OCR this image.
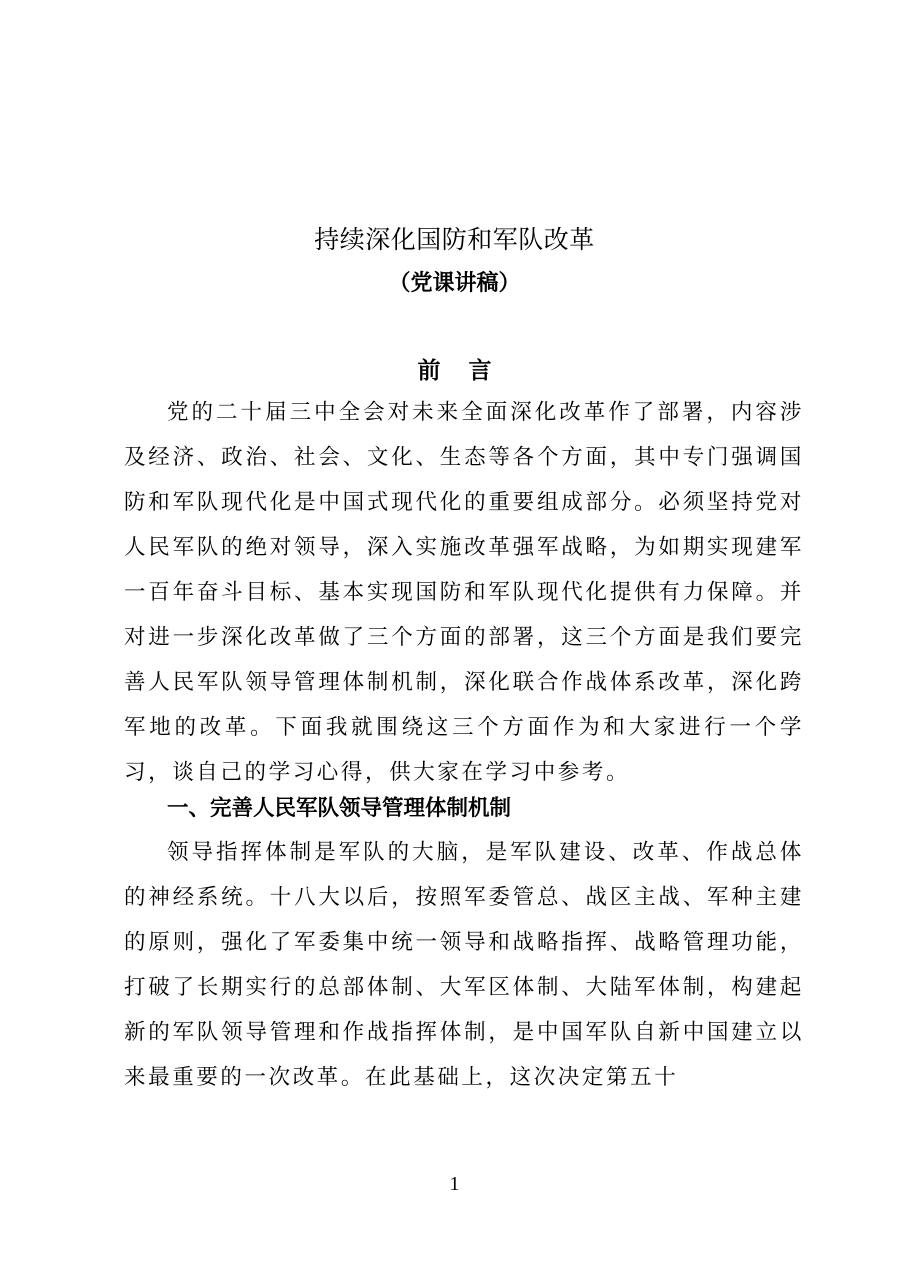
持续深化国防和军队改革
（党课讲稿）
前言

党的二十届三中全会对未来全面深化改革作了部署，内容涉及经济、政治、社会、文化、生态等各个方面，其中专门强调国防和军队现代化是中国式现代化的重要组成部分。必须坚持党对人民军队的绝对领导，深入实施改革强军战略，为如期实现建军一百年奋斗目标、基本实现国防和军队现代化提供有力保障。并对进一步深化改革做了三个方面的部署，这三个方面是我们要完善人民军队领导管理体制机制，深化联合作战体系改革，深化跨军地的改革。下面我就围绕这三个方面作为和大家进行一个学习，谈自己的学习心得，供大家在学习中参考。

一、完善人民军队领导管理体制机制

领导指挥体制是军队的大脑，是军队建设、改革、作战总体的神经系统。十八大以后，按照军委管总、战区主战、军种主建的原则，强化了军委集中统一领导和战略指挥、战略管理功能，打破了长期实行的总部体制、大军区体制、大陆军体制，构建起新的军队领导管理和作战指挥体制，是中国军队自新中国建立以来最重要的一次改革。在此基础上，这次决定第五十

1
